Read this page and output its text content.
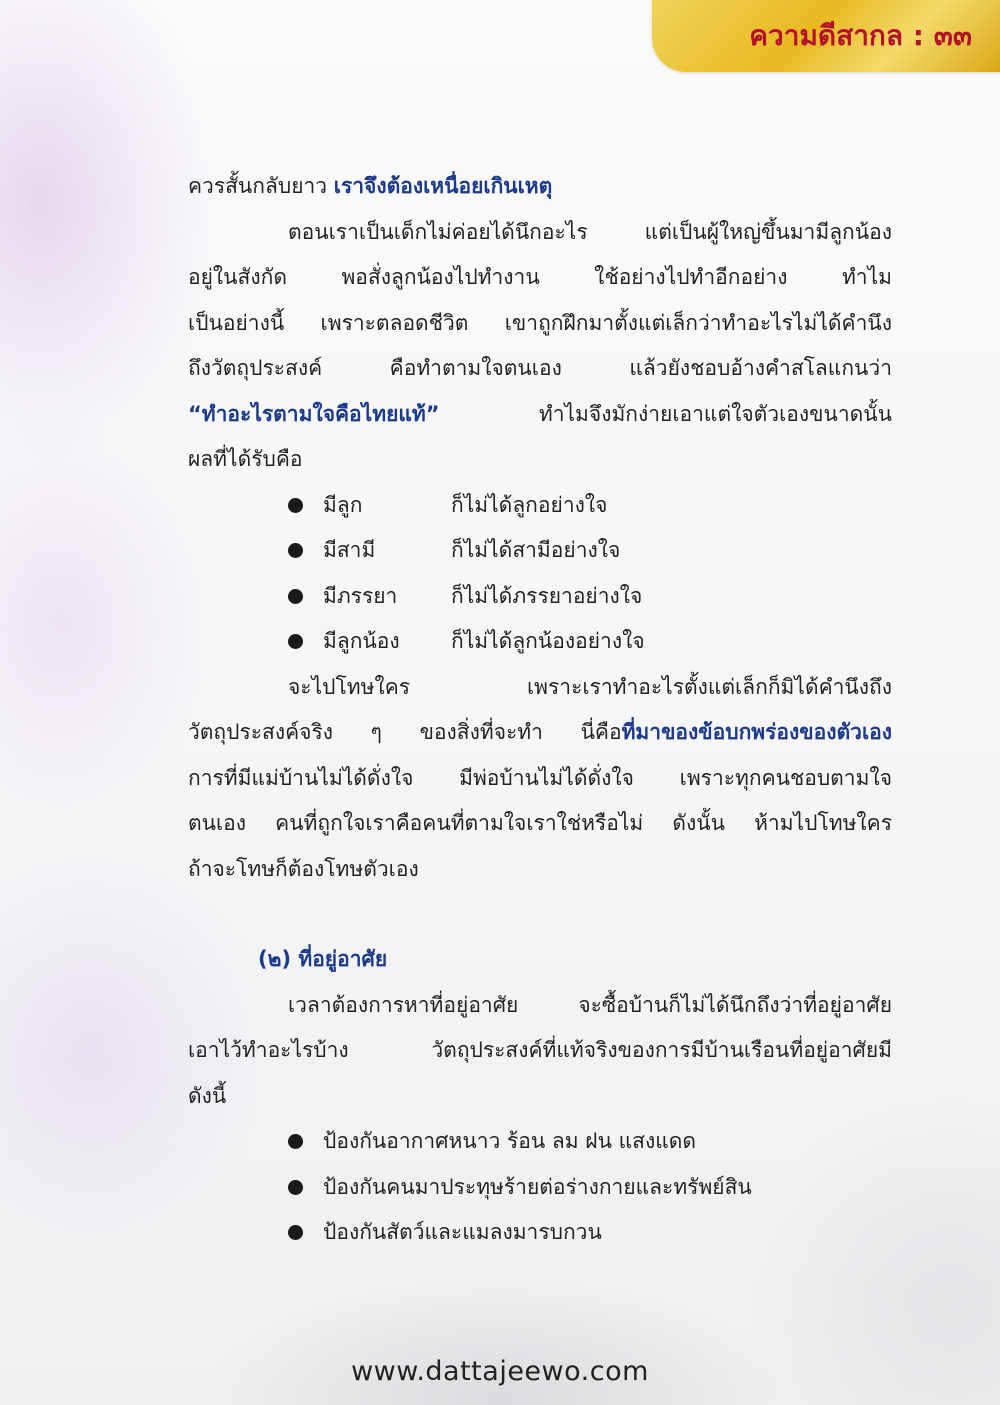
ความดีสากล : ๓๓
ควรสั้นกลับยาว เราจึงต้องเหนื่อยเกินเหตุ
ตอนเราเป็นเด็กไม่ค่อยได้นึกอะไร แต่เป็นผู้ใหญ่ขึ้นมามีลูกน้อง
อยู่ในสังกัด พอสั่งลูกน้องไปทำงาน ใช้อย่างไปทำอีกอย่าง ทำไม
เป็นอย่างนี้ เพราะตลอดชีวิต เขาถูกฝึกมาตั้งแต่เล็กว่าทำอะไรไม่ได้คำนึง
ถึงวัตถุประสงค์ คือทำตามใจตนเอง แล้วยังชอบอ้างคำสโลแกนว่า
“ทำอะไรตามใจคือไทยแท้” ทำไมจึงมักง่ายเอาแต่ใจตัวเองขนาดนั้น
ผลที่ได้รับคือ
มีลูก	ก็ไม่ได้ลูกอย่างใจ
มีสามี	ก็ไม่ได้สามีอย่างใจ
มีภรรยา	ก็ไม่ได้ภรรยาอย่างใจ
มีลูกน้อง	ก็ไม่ได้ลูกน้องอย่างใจ
จะไปโทษใคร เพราะเราทำอะไรตั้งแต่เล็กก็มิได้คำนึงถึง
วัตถุประสงค์จริง ๆ ของสิ่งที่จะทำ นี่คือที่มาของข้อบกพร่องของตัวเอง
การที่มีแม่บ้านไม่ได้ดั่งใจ มีพ่อบ้านไม่ได้ดั่งใจ เพราะทุกคนชอบตามใจ
ตนเอง คนที่ถูกใจเราคือคนที่ตามใจเราใช่หรือไม่ ดังนั้น ห้ามไปโทษใคร
ถ้าจะโทษก็ต้องโทษตัวเอง
(๒) ที่อยู่อาศัย
เวลาต้องการหาที่อยู่อาศัย จะซื้อบ้านก็ไม่ได้นึกถึงว่าที่อยู่อาศัย
เอาไว้ทำอะไรบ้าง วัตถุประสงค์ที่แท้จริงของการมีบ้านเรือนที่อยู่อาศัยมี
ดังนี้
ป้องกันอากาศหนาว ร้อน ลม ฝน แสงแดด
ป้องกันคนมาประทุษร้ายต่อร่างกายและทรัพย์สิน
ป้องกันสัตว์และแมลงมารบกวน
www.dattajeewo.com
